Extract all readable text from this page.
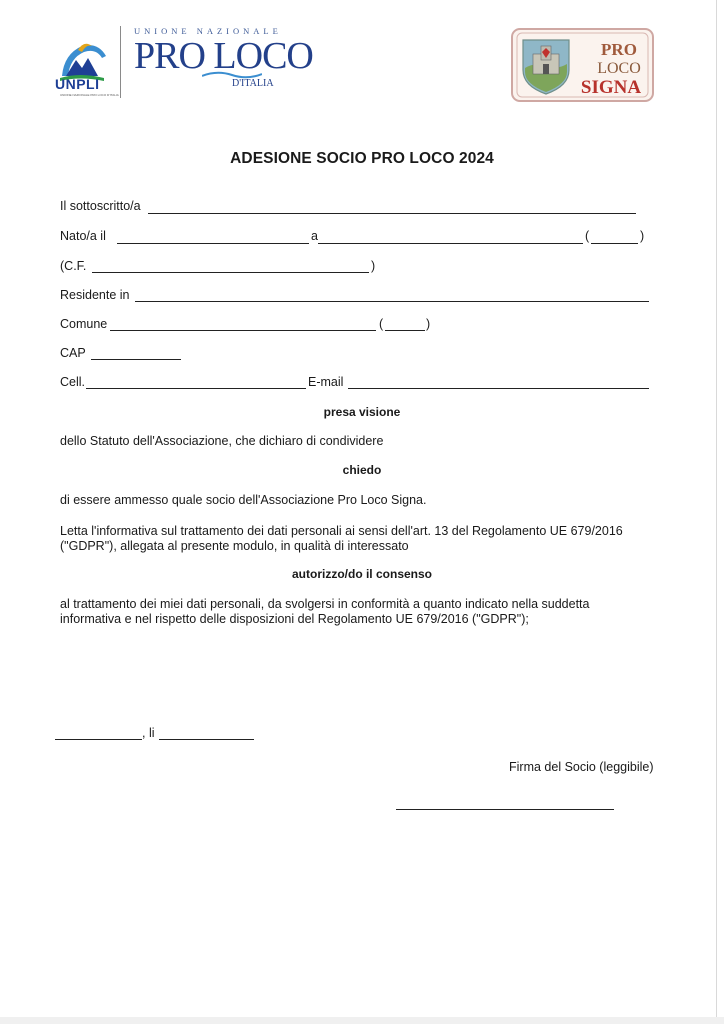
UNPLI
UNIONE NAZIONALE PRO LOCO D'ITALIA
UNIONE NAZIONALE
PRO LOCO
D'ITALIA
PRO
LOCO
SIGNA
ADESIONE SOCIO PRO LOCO 2024
Il sottoscritto/a
Nato/a il	a	(	)
(C.F.	)
Residente in
Comune	(	)
CAP
Cell.	E-mail
presa visione
dello Statuto dell'Associazione, che dichiaro di condividere
chiedo
di essere ammesso quale socio dell'Associazione Pro Loco Signa.
Letta l'informativa sul trattamento dei dati personali ai sensi dell'art. 13 del Regolamento UE 679/2016
("GDPR"), allegata al presente modulo, in qualità di interessato
autorizzo/do il consenso
al trattamento dei miei dati personali, da svolgersi in conformità a quanto indicato nella suddetta
informativa e nel rispetto delle disposizioni del Regolamento UE 679/2016 ("GDPR");
, li
Firma del Socio (leggibile)
